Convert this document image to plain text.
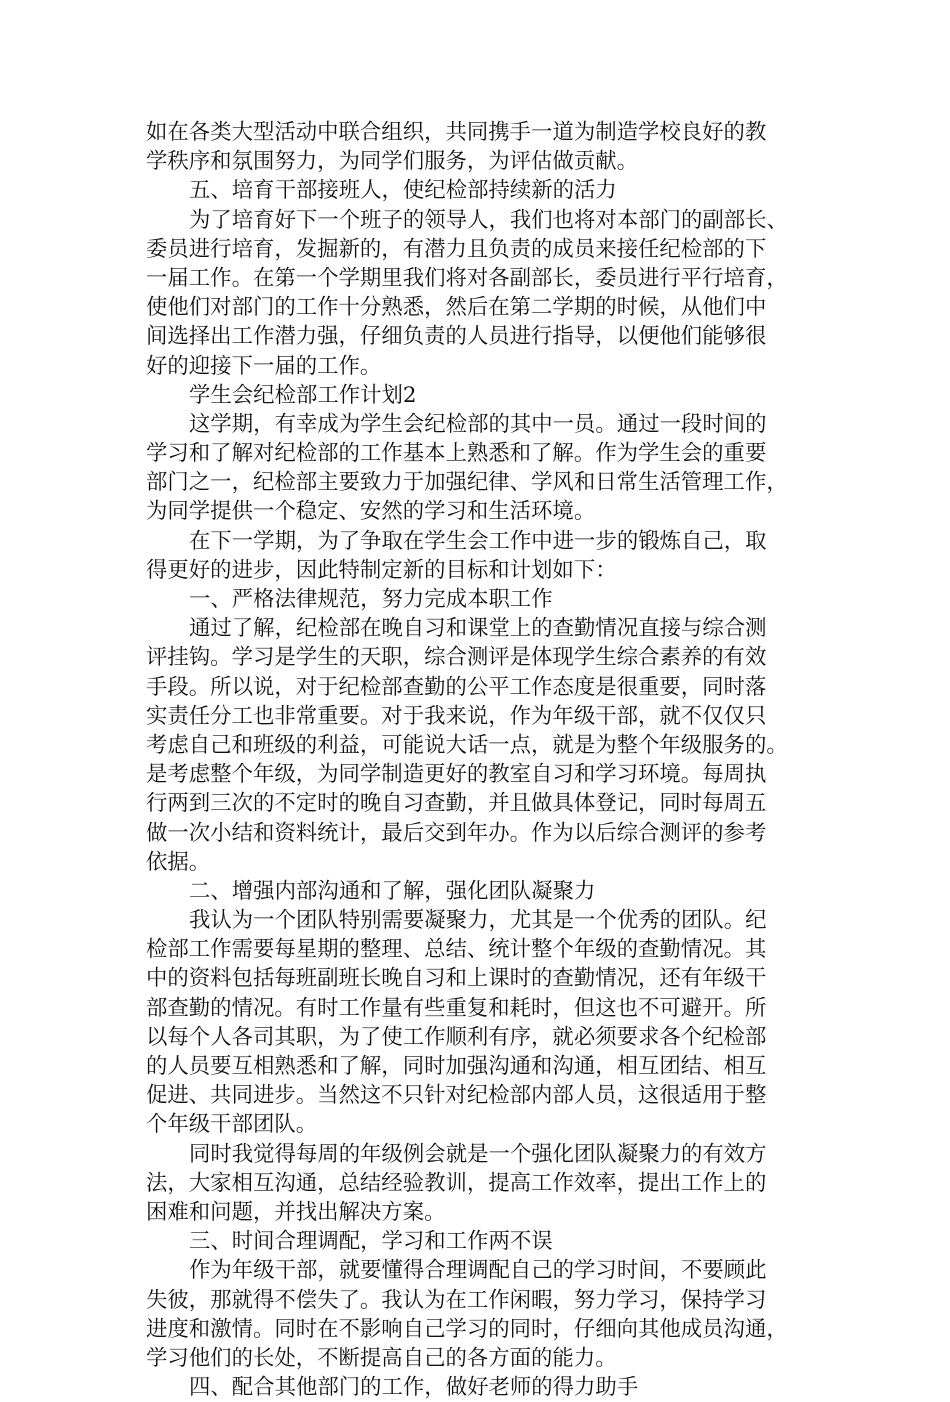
如在各类大型活动中联合组织，共同携手一道为制造学校良好的教
学秩序和氛围努力，为同学们服务，为评估做贡献。
五、培育干部接班人，使纪检部持续新的活力
为了培育好下一个班子的领导人，我们也将对本部门的副部长、
委员进行培育，发掘新的，有潜力且负责的成员来接任纪检部的下
一届工作。在第一个学期里我们将对各副部长，委员进行平行培育，
使他们对部门的工作十分熟悉，然后在第二学期的时候，从他们中
间选择出工作潜力强，仔细负责的人员进行指导，以便他们能够很
好的迎接下一届的工作。
学生会纪检部工作计划2
这学期，有幸成为学生会纪检部的其中一员。通过一段时间的
学习和了解对纪检部的工作基本上熟悉和了解。作为学生会的重要
部门之一，纪检部主要致力于加强纪律、学风和日常生活管理工作，
为同学提供一个稳定、安然的学习和生活环境。
在下一学期，为了争取在学生会工作中进一步的锻炼自己，取
得更好的进步，因此特制定新的目标和计划如下：
一、严格法律规范，努力完成本职工作
通过了解，纪检部在晚自习和课堂上的查勤情况直接与综合测
评挂钩。学习是学生的天职，综合测评是体现学生综合素养的有效
手段。所以说，对于纪检部查勤的公平工作态度是很重要，同时落
实责任分工也非常重要。对于我来说，作为年级干部，就不仅仅只
考虑自己和班级的利益，可能说大话一点，就是为整个年级服务的。
是考虑整个年级，为同学制造更好的教室自习和学习环境。每周执
行两到三次的不定时的晚自习查勤，并且做具体登记，同时每周五
做一次小结和资料统计，最后交到年办。作为以后综合测评的参考
依据。
二、增强内部沟通和了解，强化团队凝聚力
我认为一个团队特别需要凝聚力，尤其是一个优秀的团队。纪
检部工作需要每星期的整理、总结、统计整个年级的查勤情况。其
中的资料包括每班副班长晚自习和上课时的查勤情况，还有年级干
部查勤的情况。有时工作量有些重复和耗时，但这也不可避开。所
以每个人各司其职，为了使工作顺利有序，就必须要求各个纪检部
的人员要互相熟悉和了解，同时加强沟通和沟通，相互团结、相互
促进、共同进步。当然这不只针对纪检部内部人员，这很适用于整
个年级干部团队。
同时我觉得每周的年级例会就是一个强化团队凝聚力的有效方
法，大家相互沟通，总结经验教训，提高工作效率，提出工作上的
困难和问题，并找出解决方案。
三、时间合理调配，学习和工作两不误
作为年级干部，就要懂得合理调配自己的学习时间，不要顾此
失彼，那就得不偿失了。我认为在工作闲暇，努力学习，保持学习
进度和激情。同时在不影响自己学习的同时，仔细向其他成员沟通，
学习他们的长处，不断提高自己的各方面的能力。
四、配合其他部门的工作，做好老师的得力助手
